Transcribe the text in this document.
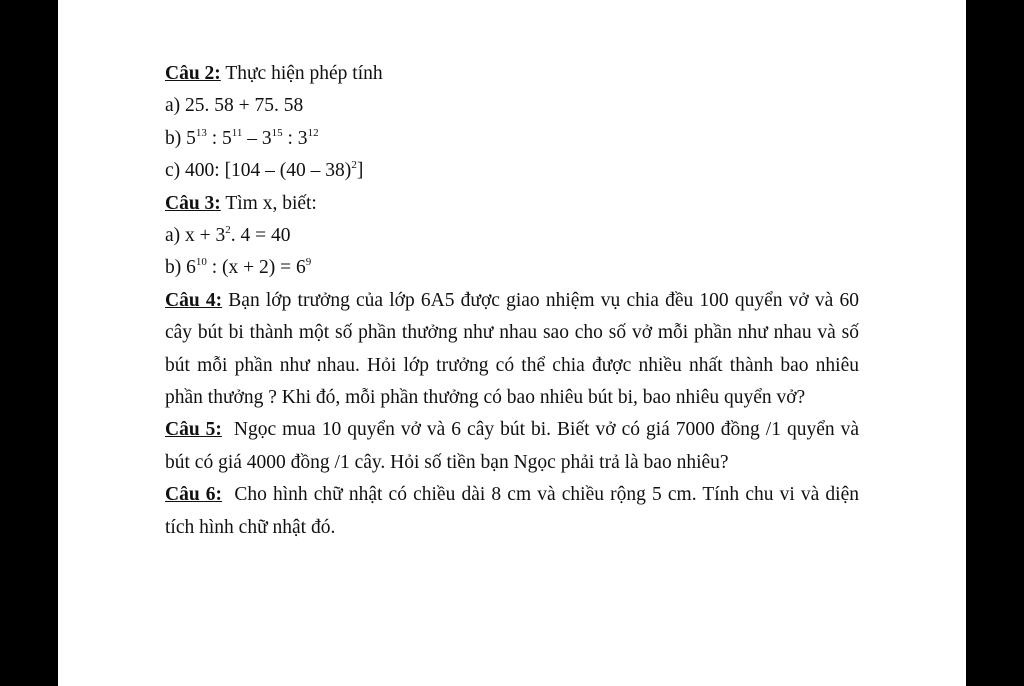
Câu 2: Thực hiện phép tính
a) 25. 58 + 75. 58
b) $5^{13}$ : $5^{11} - 3^{15}$ : $3^{12}$
c) 400: [104 – (40 – 38)$^2$]
Câu 3: Tìm x, biết:
a) $x + 3^2$. 4 = 40
b) $6^{10}$ : $(x + 2) = 6^9$
Câu 4: Bạn lớp trưởng của lớp 6A5 được giao nhiệm vụ chia đều 100 quyển vở và 60 cây bút bi thành một số phần thưởng như nhau sao cho số vở mỗi phần như nhau và số bút mỗi phần như nhau. Hỏi lớp trưởng có thể chia được nhiều nhất thành bao nhiêu phần thưởng ? Khi đó, mỗi phần thưởng có bao nhiêu bút bi, bao nhiêu quyển vở?
Câu 5:  Ngọc mua 10 quyển vở và 6 cây bút bi. Biết vở có giá 7000 đồng /1 quyển và bút có giá 4000 đồng /1 cây. Hỏi số tiền bạn Ngọc phải trả là bao nhiêu?
Câu 6:  Cho hình chữ nhật có chiều dài 8 cm và chiều rộng 5 cm. Tính chu vi và diện tích hình chữ nhật đó.
